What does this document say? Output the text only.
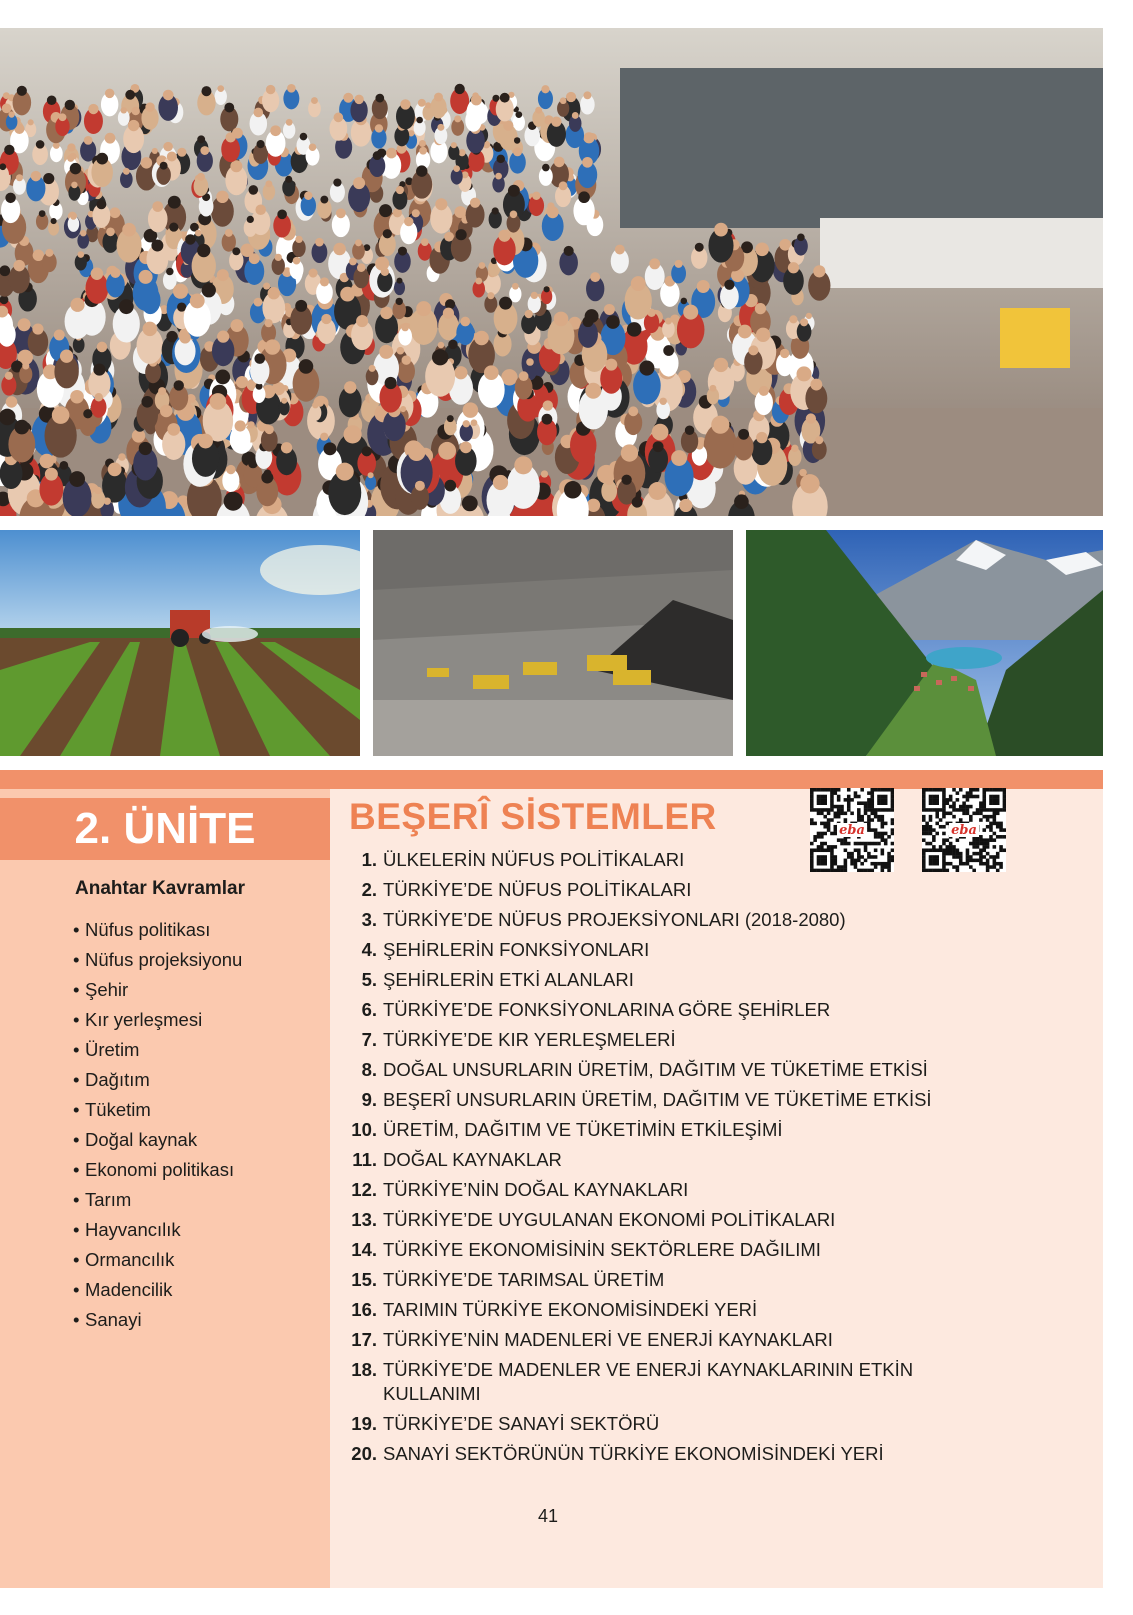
2. ÜNİTE
Anahtar Kavramlar
• Nüfus politikası
• Nüfus projeksiyonu
• Şehir
• Kır yerleşmesi
• Üretim
• Dağıtım
• Tüketim
• Doğal kaynak
• Ekonomi politikası
• Tarım
• Hayvancılık
• Ormancılık
• Madencilik
• Sanayi
BEŞERÎ SİSTEMLER	eba	eba
1. ÜLKELERİN NÜFUS POLİTİKALARI
2. TÜRKİYE’DE NÜFUS POLİTİKALARI
3. TÜRKİYE’DE NÜFUS PROJEKSİYONLARI (2018-2080)
4. ŞEHİRLERİN FONKSİYONLARI
5. ŞEHİRLERİN ETKİ ALANLARI
6. TÜRKİYE’DE FONKSİYONLARINA GÖRE ŞEHİRLER
7. TÜRKİYE’DE KIR YERLEŞMELERİ
8. DOĞAL UNSURLARIN ÜRETİM, DAĞITIM VE TÜKETİME ETKİSİ
9. BEŞERÎ UNSURLARIN ÜRETİM, DAĞITIM VE TÜKETİME ETKİSİ
10. ÜRETİM, DAĞITIM VE TÜKETİMİN ETKİLEŞİMİ
11. DOĞAL KAYNAKLAR
12. TÜRKİYE’NİN DOĞAL KAYNAKLARI
13. TÜRKİYE’DE UYGULANAN EKONOMİ POLİTİKALARI
14. TÜRKİYE EKONOMİSİNİN SEKTÖRLERE DAĞILIMI
15. TÜRKİYE’DE TARIMSAL ÜRETİM
16. TARIMIN TÜRKİYE EKONOMİSİNDEKİ YERİ
17. TÜRKİYE’NİN MADENLERİ VE ENERJİ KAYNAKLARI
18. TÜRKİYE’DE MADENLER VE ENERJİ KAYNAKLARININ ETKİN KULLANIMI
19. TÜRKİYE’DE SANAYİ SEKTÖRÜ
20. SANAYİ SEKTÖRÜNÜN TÜRKİYE EKONOMİSİNDEKİ YERİ
41
